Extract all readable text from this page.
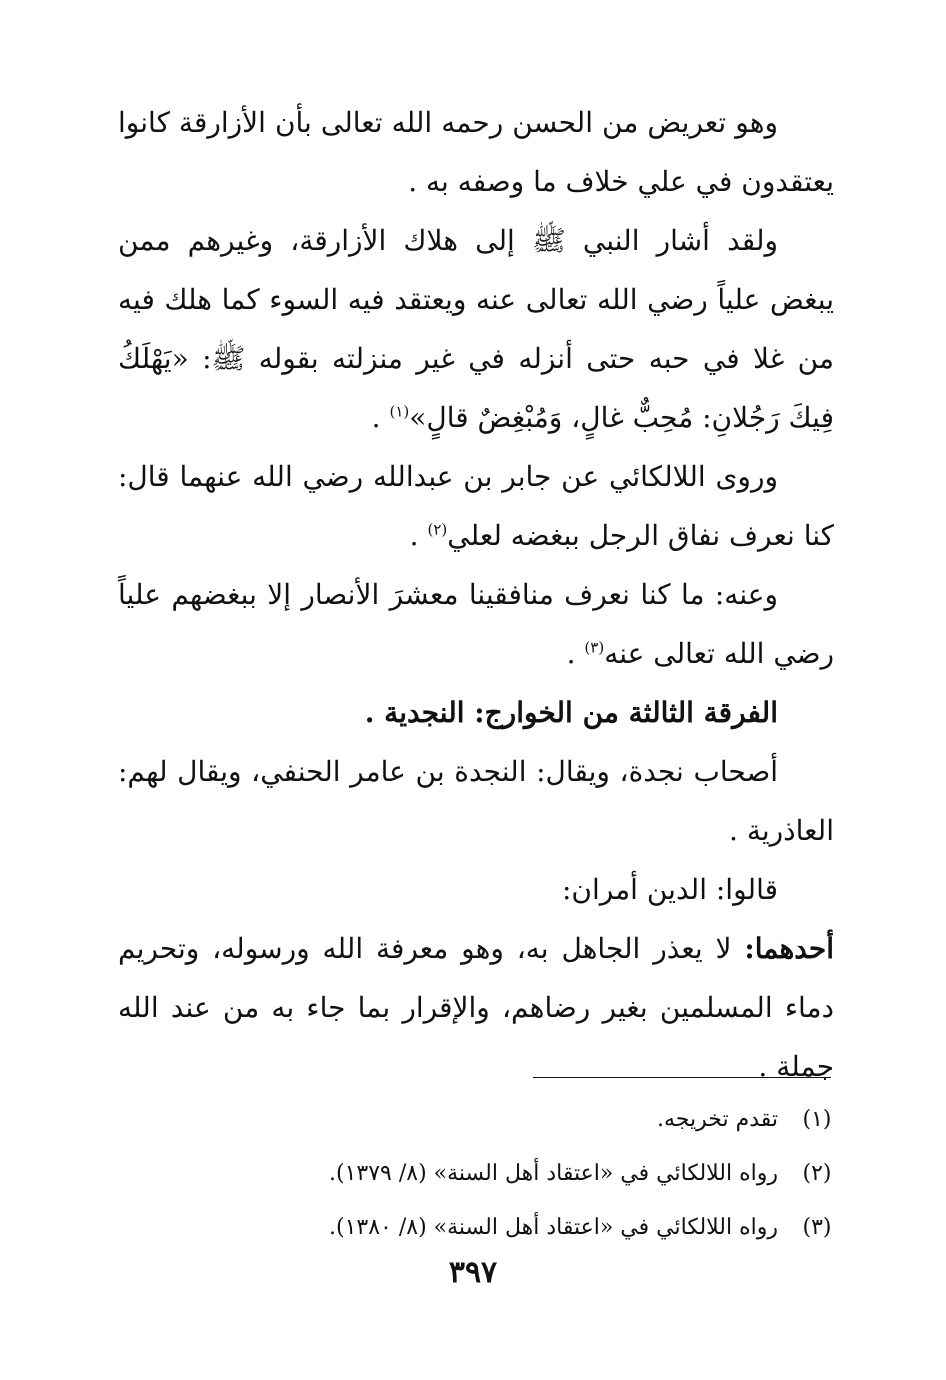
وهو تعريض من الحسن رحمه الله تعالى بأن الأزارقة كانوا يعتقدون في علي خلاف ما وصفه به .

ولقد أشار النبي ﷺ إلى هلاك الأزارقة، وغيرهم ممن يبغض علياً رضي الله تعالى عنه ويعتقد فيه السوء كما هلك فيه من غلا في حبه حتى أنزله في غير منزلته بقوله ﷺ: «يَهْلَكُ فِيكَ رَجُلانِ: مُحِبٌّ غالٍ، وَمُبْغِضٌ قالٍ»$^{(١)}$ .

وروى اللالكائي عن جابر بن عبدالله رضي الله عنهما قال: كنا نعرف نفاق الرجل ببغضه لعلي$^{(٢)}$ .

وعنه: ما كنا نعرف منافقينا معشرَ الأنصار إلا ببغضهم علياً رضي الله تعالى عنه$^{(٣)}$ .

الفرقة الثالثة من الخوارج: النجدية .

أصحاب نجدة، ويقال: النجدة بن عامر الحنفي، ويقال لهم: العاذرية .

قالوا: الدين أمران:

أحدهما: لا يعذر الجاهل به، وهو معرفة الله ورسوله، وتحريم دماء المسلمين بغير رضاهم، والإقرار بما جاء به من عند الله جملة .

(١)
تقدم تخريجه.
(٢)
رواه اللالكائي في «اعتقاد أهل السنة» (٨/ ١٣٧٩).
(٣)
رواه اللالكائي في «اعتقاد أهل السنة» (٨/ ١٣٨٠).
٣٩٧
